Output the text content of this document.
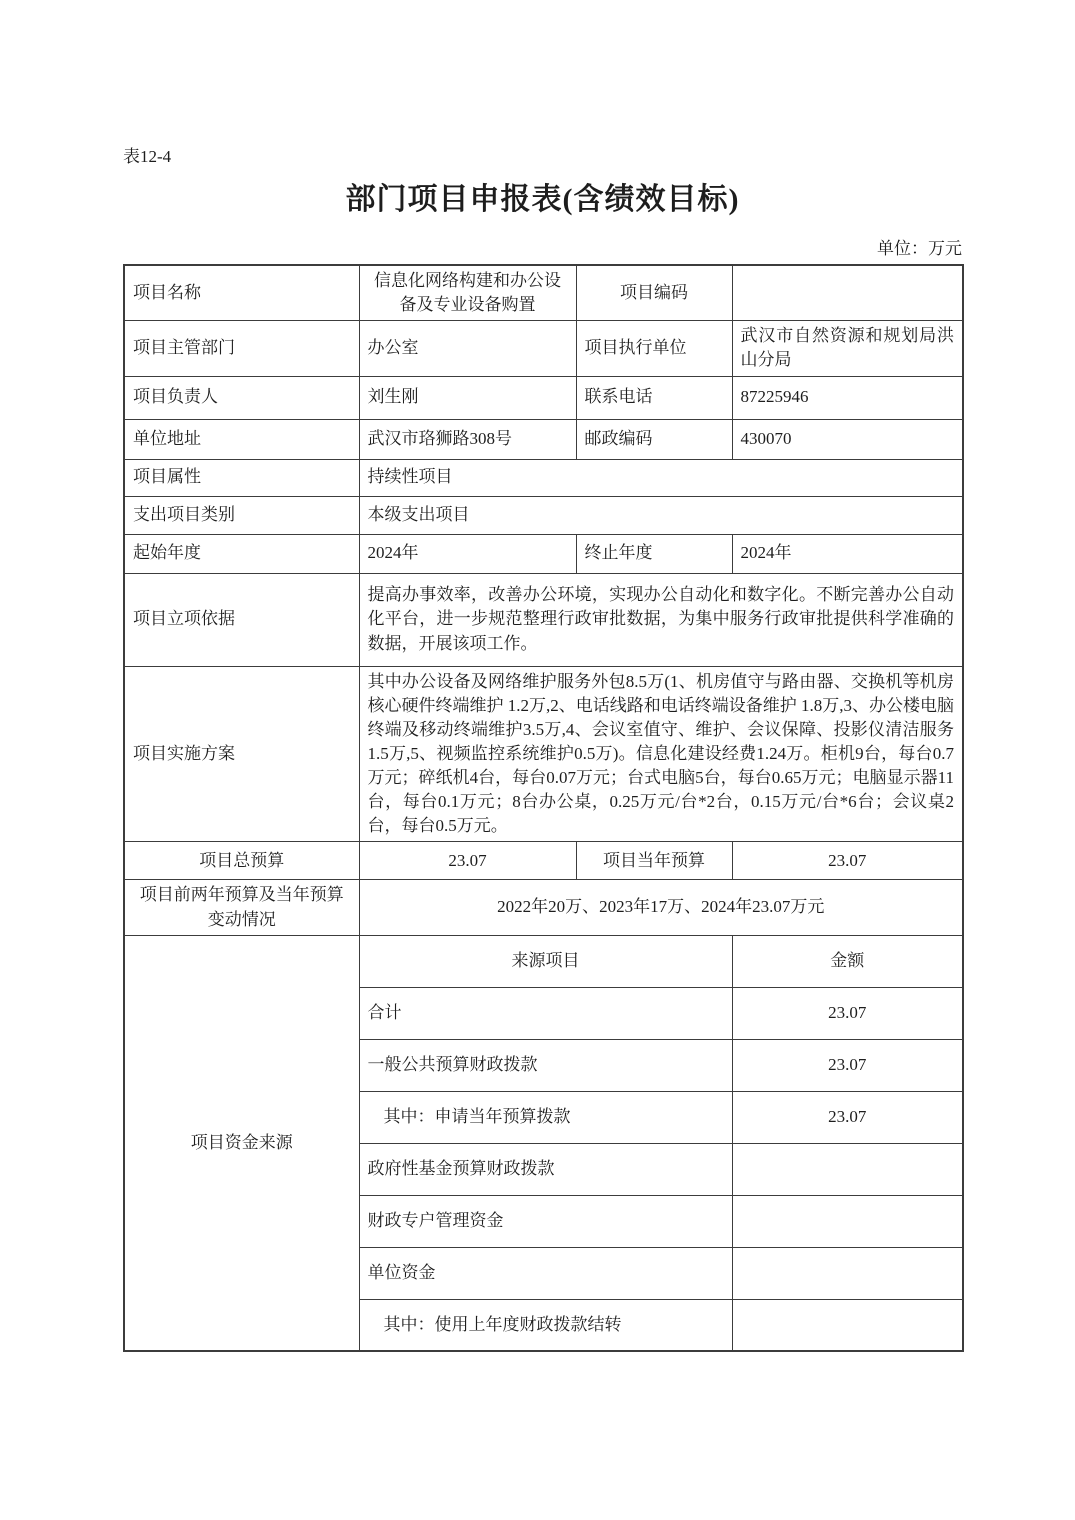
表12-4
部门项目申报表(含绩效目标)
单位：万元
项目名称	信息化网络构建和办公设备及专业设备购置	项目编码	
项目主管部门	办公室	项目执行单位	武汉市自然资源和规划局洪山分局
项目负责人	刘生刚	联系电话	87225946
单位地址	武汉市珞狮路308号	邮政编码	430070
项目属性	持续性项目		
支出项目类别	本级支出项目		
起始年度	2024年	终止年度	2024年
项目立项依据	提高办事效率，改善办公环境，实现办公自动化和数字化。不断完善办公自动化平台，进一步规范整理行政审批数据，为集中服务行政审批提供科学准确的数据，开展该项工作。		
项目实施方案	其中办公设备及网络维护服务外包8.5万(1、机房值守与路由器、交换机等机房核心硬件终端维护 1.2万,2、电话线路和电话终端设备维护 1.8万,3、办公楼电脑终端及移动终端维护3.5万,4、会议室值守、维护、会议保障、投影仪清洁服务 1.5万,5、视频监控系统维护0.5万)。信息化建设经费1.24万。柜机9台，每台0.7万元；碎纸机4台，每台0.07万元；台式电脑5台，每台0.65万元；电脑显示器11台，每台0.1万元；8台办公桌，0.25万元/台*2台，0.15万元/台*6台；会议桌2台，每台0.5万元。		
项目总预算	23.07	项目当年预算	23.07
项目前两年预算及当年预算变动情况	2022年20万、2023年17万、2024年23.07万元		
项目资金来源	来源项目		金额
	合计		23.07
	一般公共预算财政拨款		23.07
	其中：申请当年预算拨款		23.07
	政府性基金预算财政拨款		
	财政专户管理资金		
	单位资金		
	其中：使用上年度财政拨款结转		
